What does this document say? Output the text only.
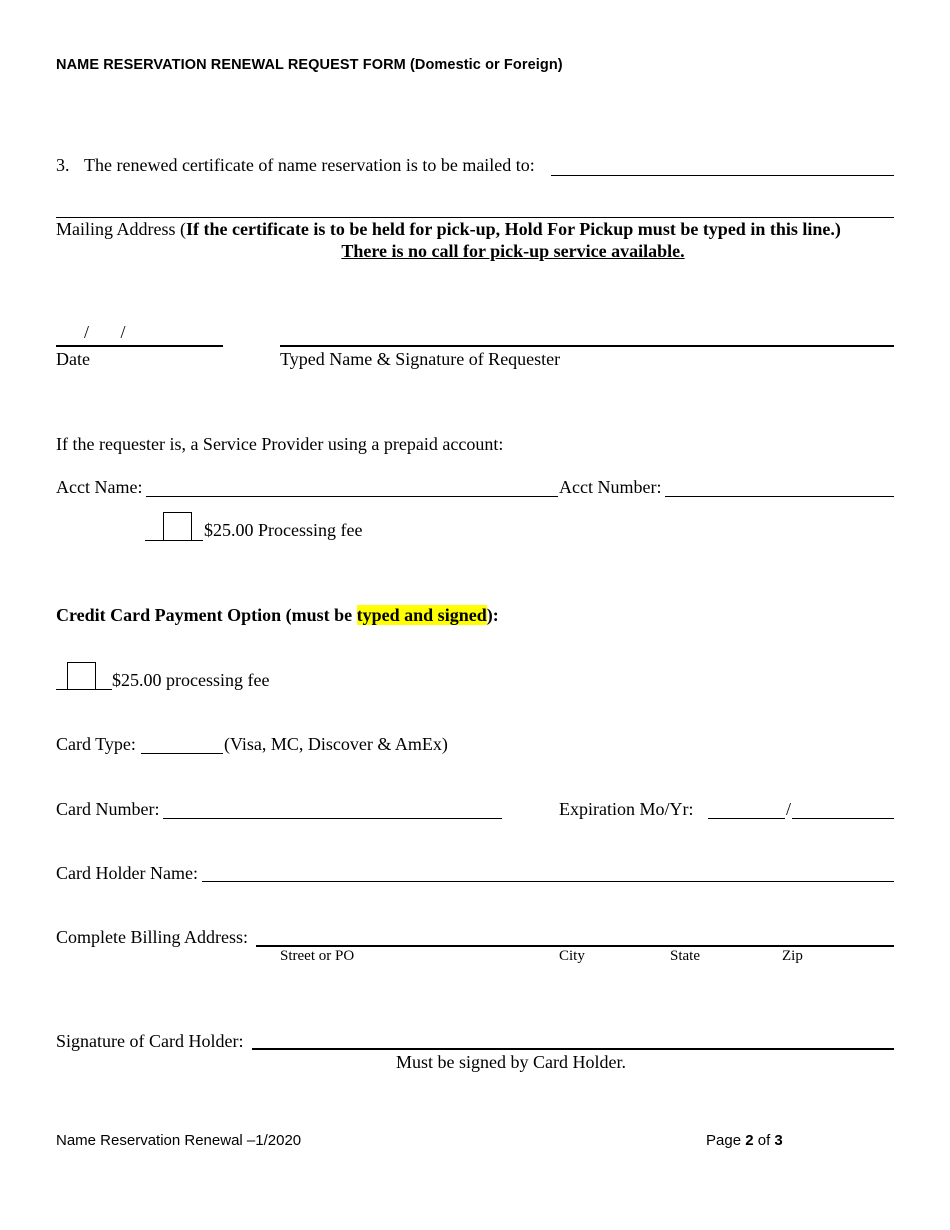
NAME RESERVATION RENEWAL REQUEST FORM (Domestic or Foreign)
3. The renewed certificate of name reservation is to be mailed to:
Mailing Address (If the certificate is to be held for pick-up, Hold For Pickup must be typed in this line.)
There is no call for pick-up service available.
/       /
Date	Typed Name & Signature of Requester
If the requester is, a Service Provider using a prepaid account:
Acct Name:	Acct Number:
$25.00 Processing fee
Credit Card Payment Option (must be typed and signed):
$25.00 processing fee
Card Type:	(Visa, MC, Discover & AmEx)
Card Number:	Expiration Mo/Yr:	/
Card Holder Name:
Complete Billing Address:
Street or PO	City	State	Zip
Signature of Card Holder:
Must be signed by Card Holder.
Name Reservation Renewal –1/2020	Page 2 of 3
